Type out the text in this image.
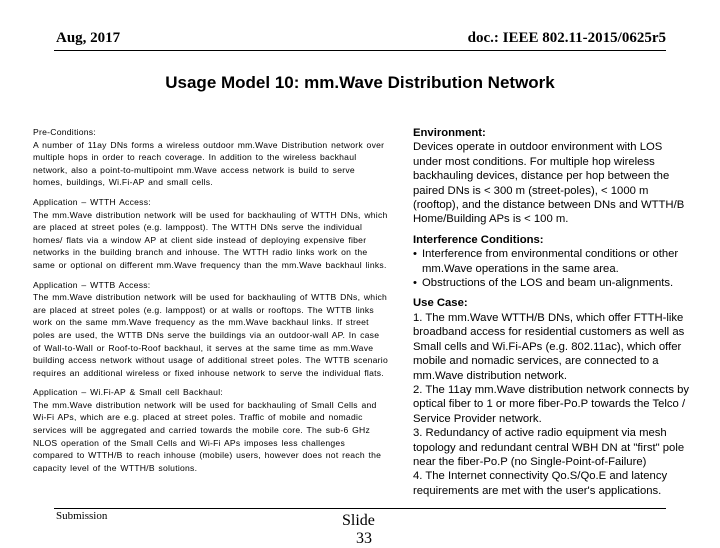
Aug, 2017	doc.: IEEE 802.11-2015/0625r5
Usage Model 10: mm.Wave Distribution Network

Pre-Conditions:

A number of 11ay DNs forms a wireless outdoor mm.Wave Distribution network over multiple hops in order to reach coverage. In addition to the wireless backhaul network, also a point-to-multipoint mm.Wave access network is build to serve homes, buildings, Wi.Fi-AP and small cells.

Application – WTTH Access:

The mm.Wave distribution network will be used for backhauling of WTTH DNs, which are placed at street poles (e.g. lamppost). The WTTH DNs serve the individual homes/ flats via a window AP at client side instead of deploying expensive fiber networks in the building branch and inhouse. The WTTH radio links work on the same or optional on different mm.Wave frequency than the mm.Wave backhaul links.

Application – WTTB Access:

The mm.Wave distribution network will be used for backhauling of WTTB DNs, which are placed at street poles (e.g. lamppost) or at walls or rooftops. The WTTB links work on the same mm.Wave frequency as the mm.Wave backhaul links. If street poles are used, the WTTB DNs serve the buildings via an outdoor-wall AP. In case of Wall-to-Wall or Roof-to-Roof backhaul, it serves at the same time as mm.Wave building access network without usage of additional street poles. The WTTB scenario requires an additional wireless or fixed inhouse network to serve the individual flats.

Application – Wi.Fi-AP & Small cell Backhaul:

The mm.Wave distribution network will be used for backhauling of Small Cells and Wi-Fi APs, which are e.g. placed at street poles. Traffic of mobile and nomadic services will be aggregated and carried towards the mobile core. The sub-6 GHz NLOS operation of the Small Cells and Wi-Fi APs imposes less challenges compared to WTTH/B to reach inhouse (mobile) users, however does not reach the capacity level of the WTTH/B solutions.

Environment:

Devices operate in outdoor environment with LOS under most conditions. For multiple hop wireless backhauling devices, distance per hop between the paired DNs is < 300 m (street-poles), < 1000 m (rooftop), and the distance between DNs and WTTH/B Home/Building APs is < 100 m.

Interference Conditions:

• Interference from environmental conditions or other mm.Wave operations in the same area.
• Obstructions of the LOS and beam un-alignments.

Use Case:

1. The mm.Wave WTTH/B DNs, which offer FTTH-like broadband access for residential customers as well as Small cells and Wi.Fi-APs (e.g. 802.11ac), which offer mobile and nomadic services, are connected to a mm.Wave distribution network.

2. The 11ay mm.Wave distribution network connects by optical fiber to 1 or more fiber-Po.P towards the Telco / Service Provider network.

3. Redundancy of active radio equipment via mesh topology and redundant central WBH DN at "first" pole near the fiber-Po.P (no Single-Point-of-Failure)

4. The Internet connectivity Qo.S/Qo.E and latency requirements are met with the user's applications.

Submission	Slide
33
